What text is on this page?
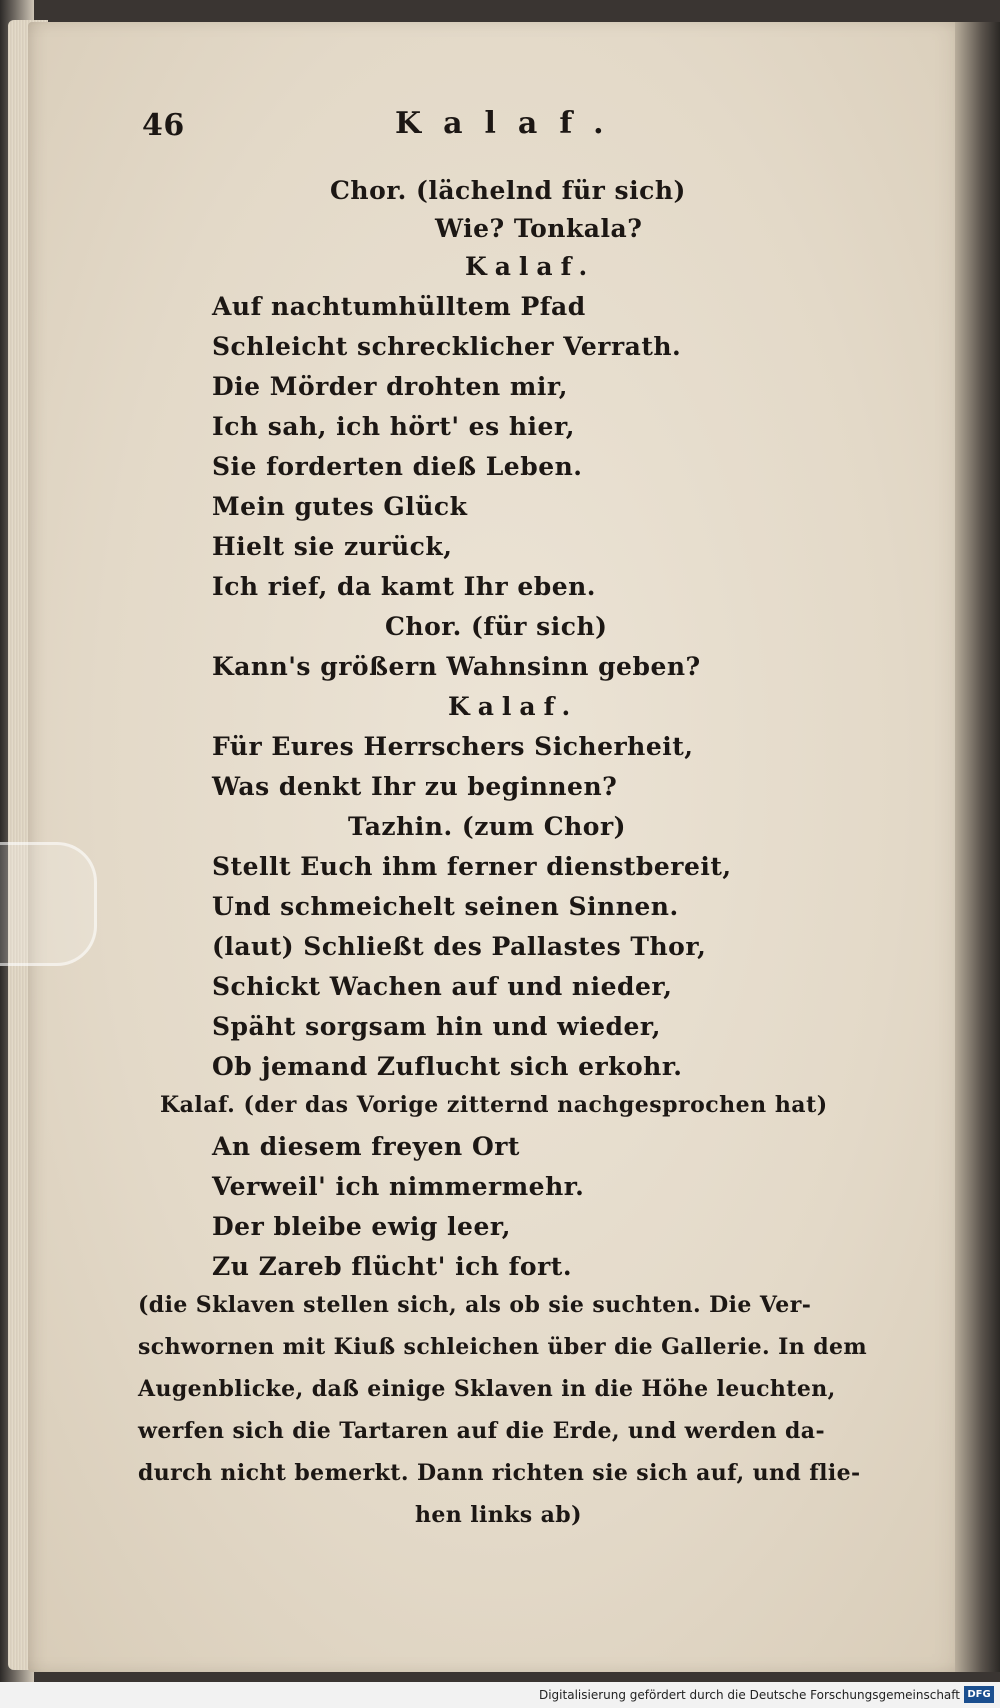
46	Kalaf.
Chor. (lächelnd für sich)
Wie? Tonkala?
Kalaf.
Auf nachtumhülltem Pfad
Schleicht schrecklicher Verrath.
Die Mörder drohten mir,
Ich sah, ich hört' es hier,
Sie forderten dieß Leben.
Mein gutes Glück
Hielt sie zurück,
Ich rief, da kamt Ihr eben.
Chor. (für sich)
Kann's größern Wahnsinn geben?
Kalaf.
Für Eures Herrschers Sicherheit,
Was denkt Ihr zu beginnen?
Tazhin. (zum Chor)
Stellt Euch ihm ferner dienstbereit,
Und schmeichelt seinen Sinnen.
(laut) Schließt des Pallastes Thor,
Schickt Wachen auf und nieder,
Späht sorgsam hin und wieder,
Ob jemand Zuflucht sich erkohr.
Kalaf. (der das Vorige zitternd nachgesprochen hat)
An diesem freyen Ort
Verweil' ich nimmermehr.
Der bleibe ewig leer,
Zu Zareb flücht' ich fort.
(die Sklaven stellen sich, als ob sie suchten. Die Ver-
schwornen mit Kiuß schleichen über die Gallerie. In dem
Augenblicke, daß einige Sklaven in die Höhe leuchten,
werfen sich die Tartaren auf die Erde, und werden da-
durch nicht bemerkt. Dann richten sie sich auf, und flie-
hen links ab)
Digitalisierung gefördert durch die Deutsche Forschungsgemeinschaft DFG
